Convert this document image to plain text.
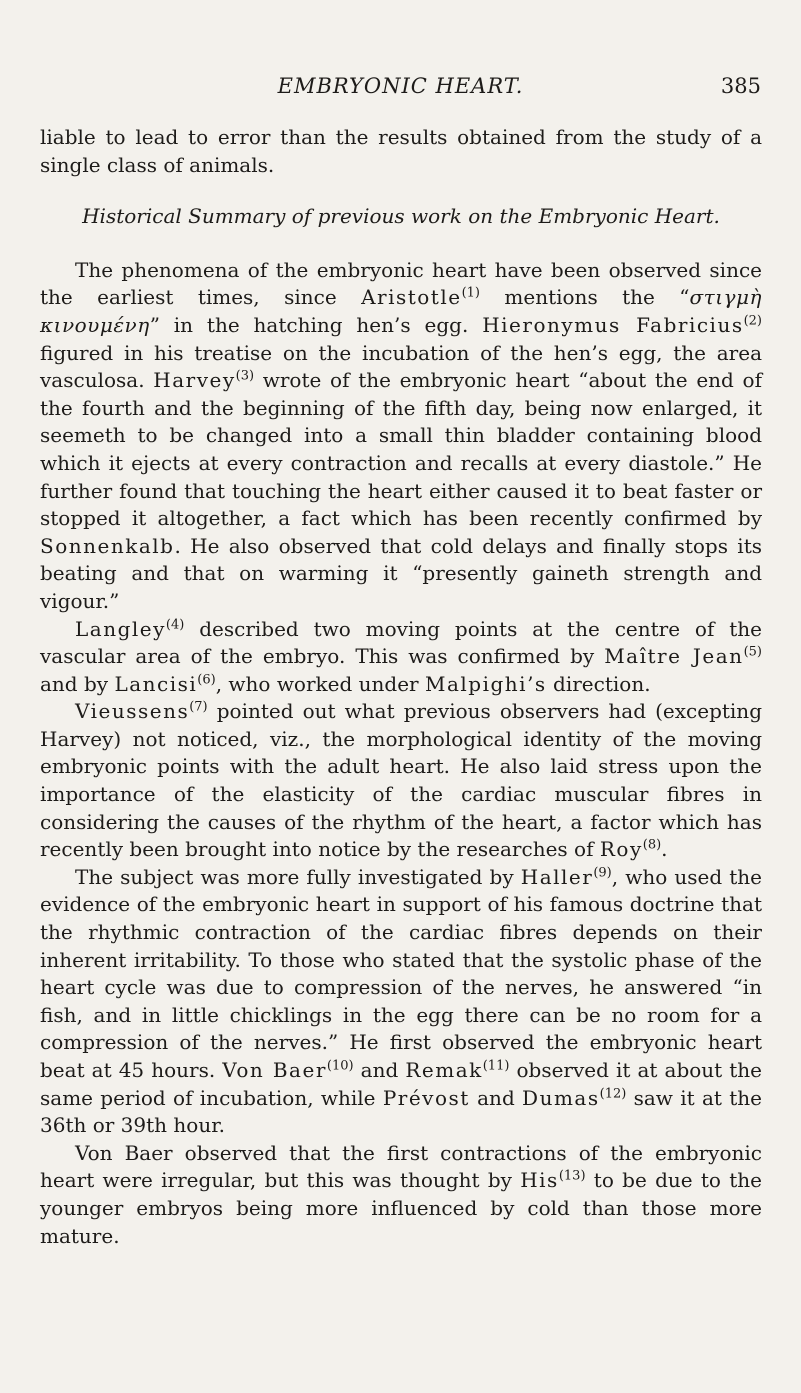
EMBRYONIC HEART.	385

liable to lead to error than the results obtained from the study of a single class of animals.

Historical Summary of previous work on the Embryonic Heart.

The phenomena of the embryonic heart have been observed since the earliest times, since Aristotle$^{(1)}$ mentions the “στιγμὴ κινουμένη” in the hatching hen’s egg. Hieronymus Fabricius$^{(2)}$ figured in his treatise on the incubation of the hen’s egg, the area vasculosa. Harvey$^{(3)}$ wrote of the embryonic heart “about the end of the fourth and the beginning of the fifth day, being now enlarged, it seemeth to be changed into a small thin bladder containing blood which it ejects at every contraction and recalls at every diastole.” He further found that touching the heart either caused it to beat faster or stopped it altogether, a fact which has been recently confirmed by Sonnenkalb. He also observed that cold delays and finally stops its beating and that on warming it “presently gaineth strength and vigour.”

Langley$^{(4)}$ described two moving points at the centre of the vascular area of the embryo. This was confirmed by Maître Jean$^{(5)}$ and by Lancisi$^{(6)}$, who worked under Malpighi’s direction.

Vieussens$^{(7)}$ pointed out what previous observers had (excepting Harvey) not noticed, viz., the morphological identity of the moving embryonic points with the adult heart. He also laid stress upon the importance of the elasticity of the cardiac muscular fibres in considering the causes of the rhythm of the heart, a factor which has recently been brought into notice by the researches of Roy$^{(8)}$.

The subject was more fully investigated by Haller$^{(9)}$, who used the evidence of the embryonic heart in support of his famous doctrine that the rhythmic contraction of the cardiac fibres depends on their inherent irritability. To those who stated that the systolic phase of the heart cycle was due to compression of the nerves, he answered “in fish, and in little chicklings in the egg there can be no room for a compression of the nerves.” He first observed the embryonic heart beat at 45 hours. Von Baer$^{(10)}$ and Remak$^{(11)}$ observed it at about the same period of incubation, while Prévost and Dumas$^{(12)}$ saw it at the 36th or 39th hour.

Von Baer observed that the first contractions of the embryonic heart were irregular, but this was thought by His$^{(13)}$ to be due to the younger embryos being more influenced by cold than those more mature.
